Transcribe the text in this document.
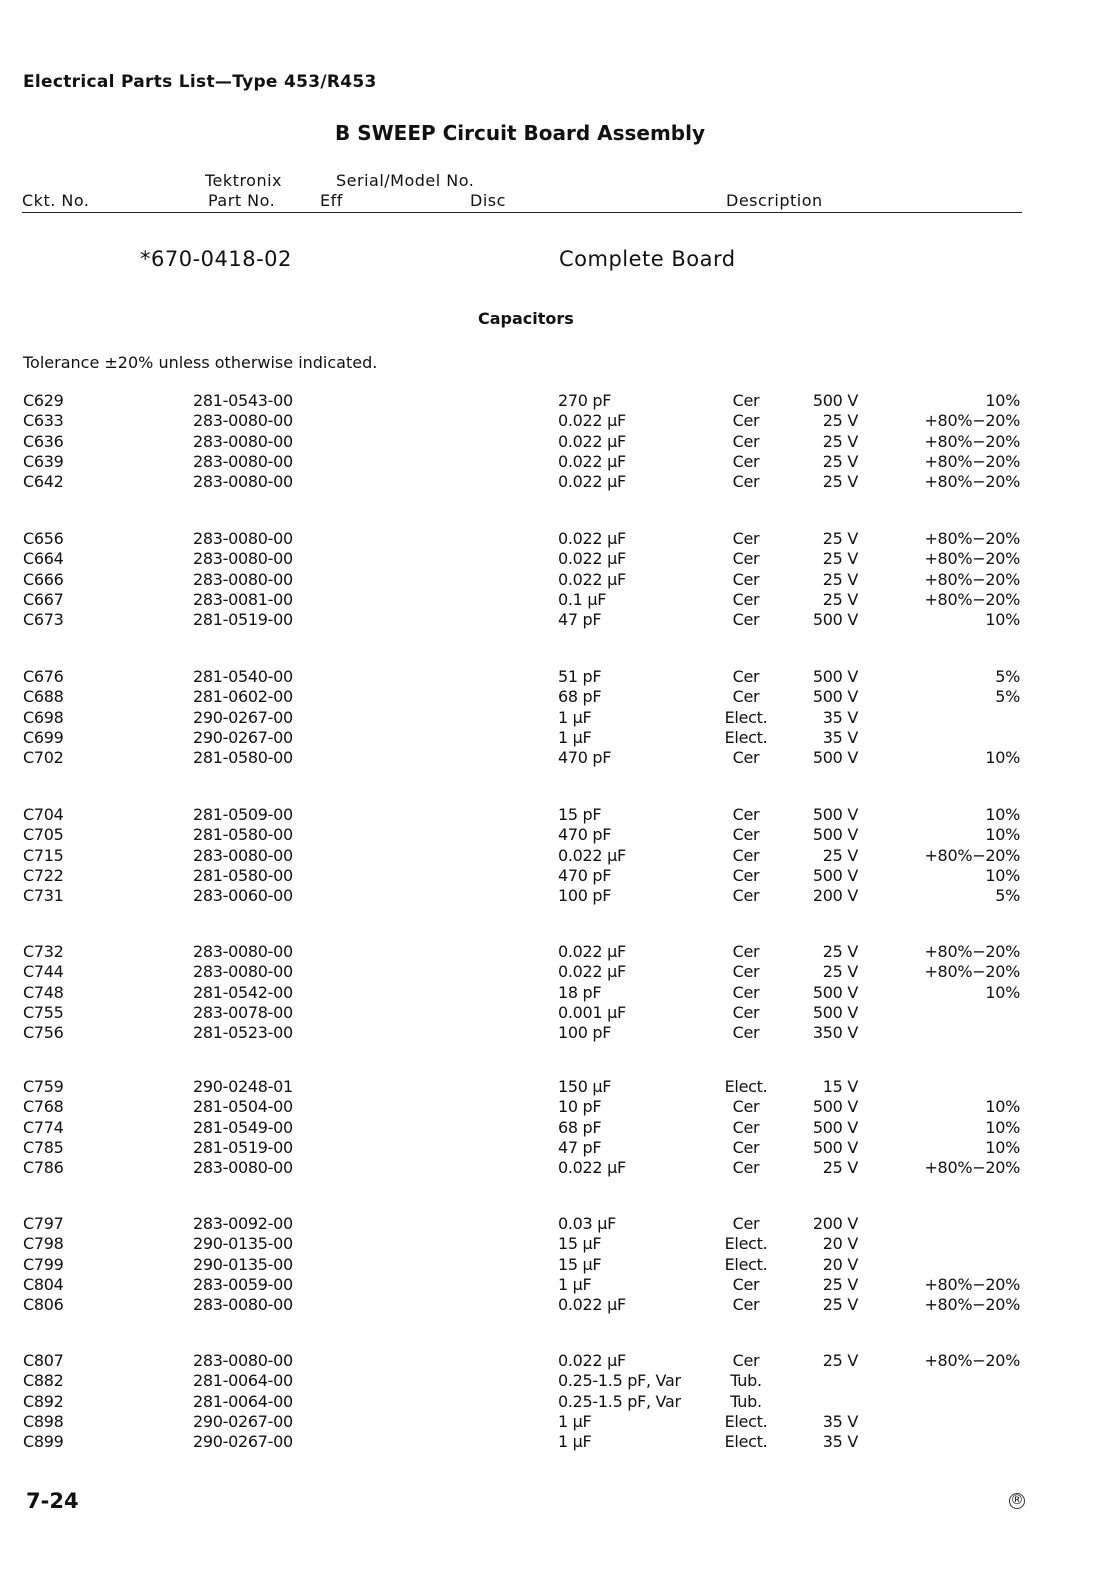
Electrical Parts List—Type 453/R453
B SWEEP Circuit Board Assembly
Tektronix	Serial/Model No.
Ckt. No.	Part No.	Eff	Disc	Description
*670-0418-02	Complete Board
Capacitors
Tolerance ±20% unless otherwise indicated.
C629	281-0543-00	270 pF	Cer	500 V	10%
C633	283-0080-00	0.022 μF	Cer	25 V	+80%−20%
C636	283-0080-00	0.022 μF	Cer	25 V	+80%−20%
C639	283-0080-00	0.022 μF	Cer	25 V	+80%−20%
C642	283-0080-00	0.022 μF	Cer	25 V	+80%−20%
C656	283-0080-00	0.022 μF	Cer	25 V	+80%−20%
C664	283-0080-00	0.022 μF	Cer	25 V	+80%−20%
C666	283-0080-00	0.022 μF	Cer	25 V	+80%−20%
C667	283-0081-00	0.1 μF	Cer	25 V	+80%−20%
C673	281-0519-00	47 pF	Cer	500 V	10%
C676	281-0540-00	51 pF	Cer	500 V	5%
C688	281-0602-00	68 pF	Cer	500 V	5%
C698	290-0267-00	1 μF	Elect.	35 V
C699	290-0267-00	1 μF	Elect.	35 V
C702	281-0580-00	470 pF	Cer	500 V	10%
C704	281-0509-00	15 pF	Cer	500 V	10%
C705	281-0580-00	470 pF	Cer	500 V	10%
C715	283-0080-00	0.022 μF	Cer	25 V	+80%−20%
C722	281-0580-00	470 pF	Cer	500 V	10%
C731	283-0060-00	100 pF	Cer	200 V	5%
C732	283-0080-00	0.022 μF	Cer	25 V	+80%−20%
C744	283-0080-00	0.022 μF	Cer	25 V	+80%−20%
C748	281-0542-00	18 pF	Cer	500 V	10%
C755	283-0078-00	0.001 μF	Cer	500 V
C756	281-0523-00	100 pF	Cer	350 V
C759	290-0248-01	150 μF	Elect.	15 V
C768	281-0504-00	10 pF	Cer	500 V	10%
C774	281-0549-00	68 pF	Cer	500 V	10%
C785	281-0519-00	47 pF	Cer	500 V	10%
C786	283-0080-00	0.022 μF	Cer	25 V	+80%−20%
C797	283-0092-00	0.03 μF	Cer	200 V
C798	290-0135-00	15 μF	Elect.	20 V
C799	290-0135-00	15 μF	Elect.	20 V
C804	283-0059-00	1 μF	Cer	25 V	+80%−20%
C806	283-0080-00	0.022 μF	Cer	25 V	+80%−20%
C807	283-0080-00	0.022 μF	Cer	25 V	+80%−20%
C882	281-0064-00	0.25-1.5 pF, Var	Tub.
C892	281-0064-00	0.25-1.5 pF, Var	Tub.
C898	290-0267-00	1 μF	Elect.	35 V
C899	290-0267-00	1 μF	Elect.	35 V
7-24	®
